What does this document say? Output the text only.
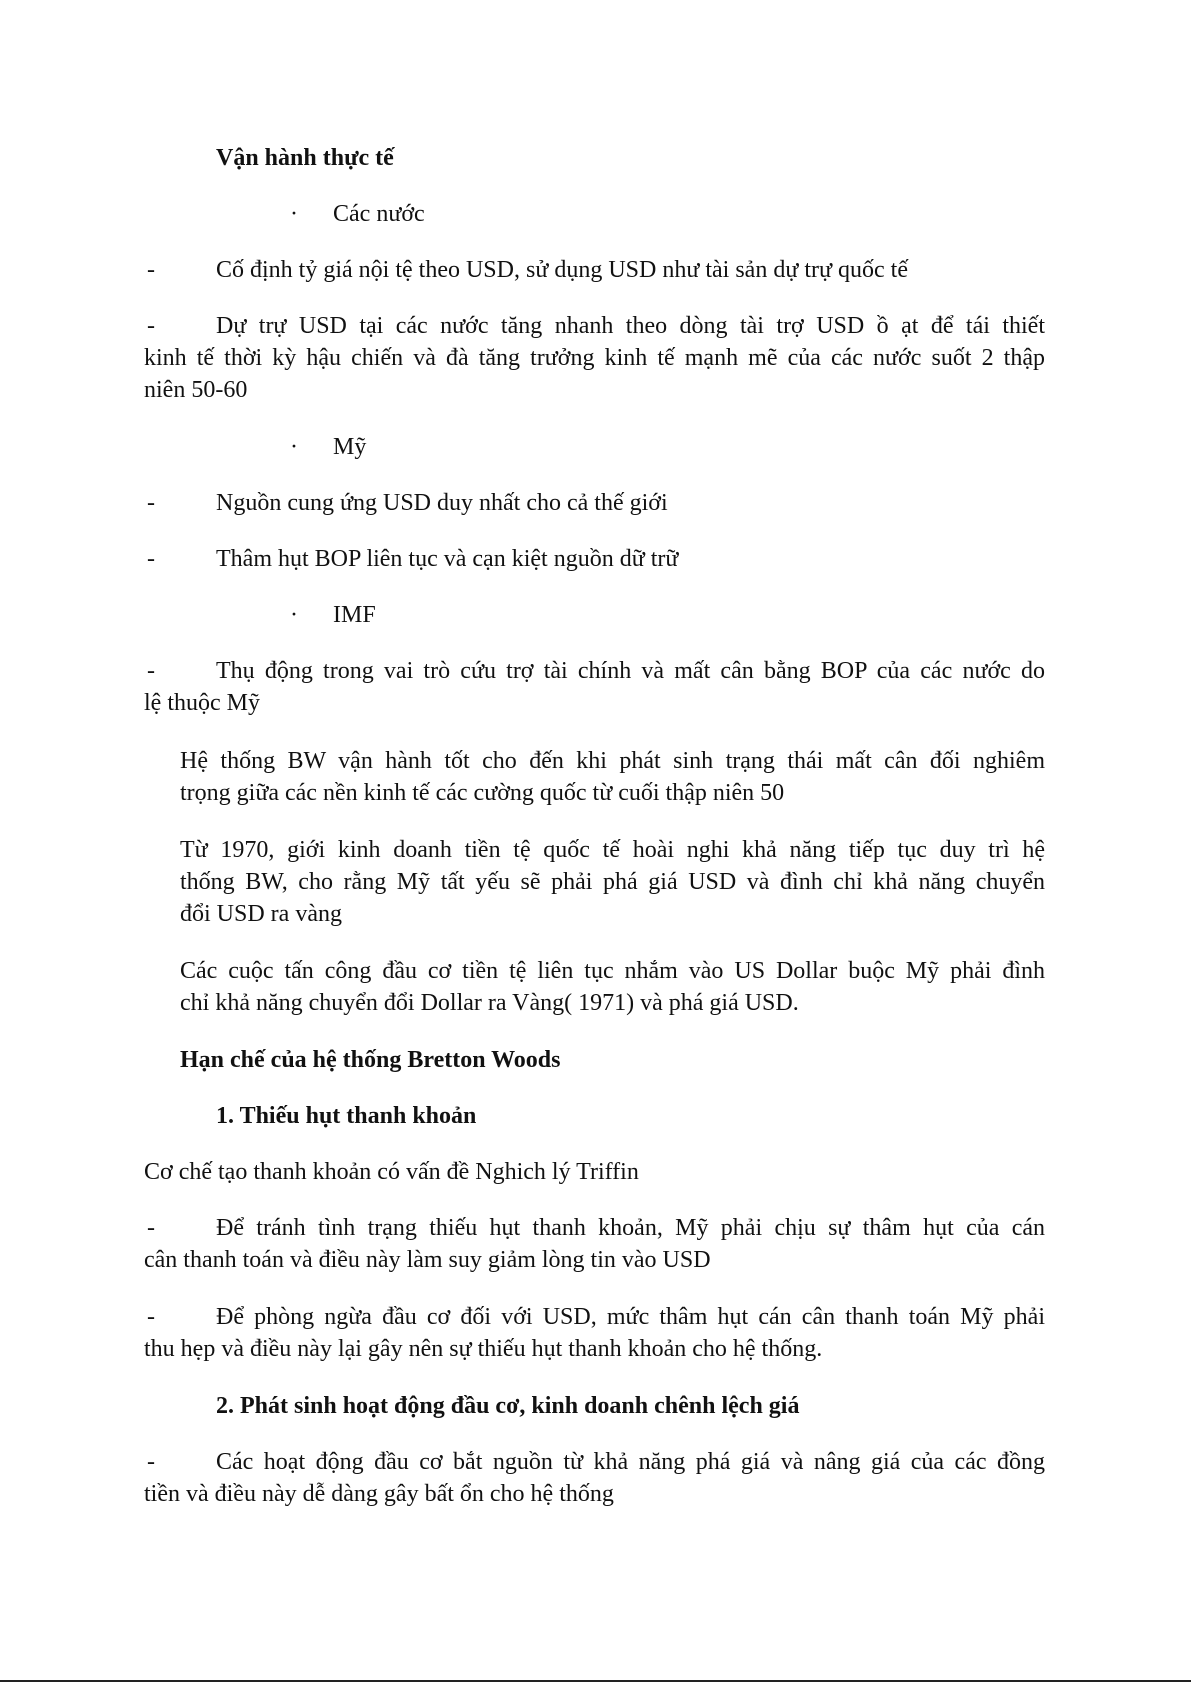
Vận hành thực tế
· Các nước
-	Cố định tỷ giá nội tệ theo USD, sử dụng USD như tài sản dự trự quốc tế
-	Dự trự USD tại các nước tăng nhanh theo dòng tài trợ USD ồ ạt để tái thiết
kinh tế thời kỳ hậu chiến và đà tăng trưởng kinh tế mạnh mẽ của các nước suốt 2 thập
niên 50-60
· Mỹ
-	Nguồn cung ứng USD duy nhất cho cả thế giới
-	Thâm hụt BOP liên tục và cạn kiệt nguồn dữ trữ
· IMF
-	Thụ động trong vai trò cứu trợ tài chính và mất cân bằng BOP của các nước do
lệ thuộc Mỹ
Hệ thống BW vận hành tốt cho đến khi phát sinh trạng thái mất cân đối nghiêm
trọng giữa các nền kinh tế các cường quốc từ cuối thập niên 50
Từ 1970, giới kinh doanh tiền tệ quốc tế hoài nghi khả năng tiếp tục duy trì hệ
thống BW, cho rằng Mỹ tất yếu sẽ phải phá giá USD và đình chỉ khả năng chuyển
đổi USD ra vàng
Các cuộc tấn công đầu cơ tiền tệ liên tục nhắm vào US Dollar buộc Mỹ phải đình
chỉ khả năng chuyển đổi Dollar ra Vàng( 1971) và phá giá USD.
Hạn chế của hệ thống Bretton Woods
1. Thiếu hụt thanh khoản
Cơ chế tạo thanh khoản có vấn đề Nghich lý Triffin
-	Để tránh tình trạng thiếu hụt thanh khoản, Mỹ phải chịu sự thâm hụt của cán
cân thanh toán và điều này làm suy giảm lòng tin vào USD
-	Để phòng ngừa đầu cơ đối với USD, mức thâm hụt cán cân thanh toán Mỹ phải
thu hẹp và điều này lại gây nên sự thiếu hụt thanh khoản cho hệ thống.
2. Phát sinh hoạt động đầu cơ, kinh doanh chênh lệch giá
-	Các hoạt động đầu cơ bắt nguồn từ khả năng phá giá và nâng giá của các đồng
tiền và điều này dễ dàng gây bất ổn cho hệ thống
